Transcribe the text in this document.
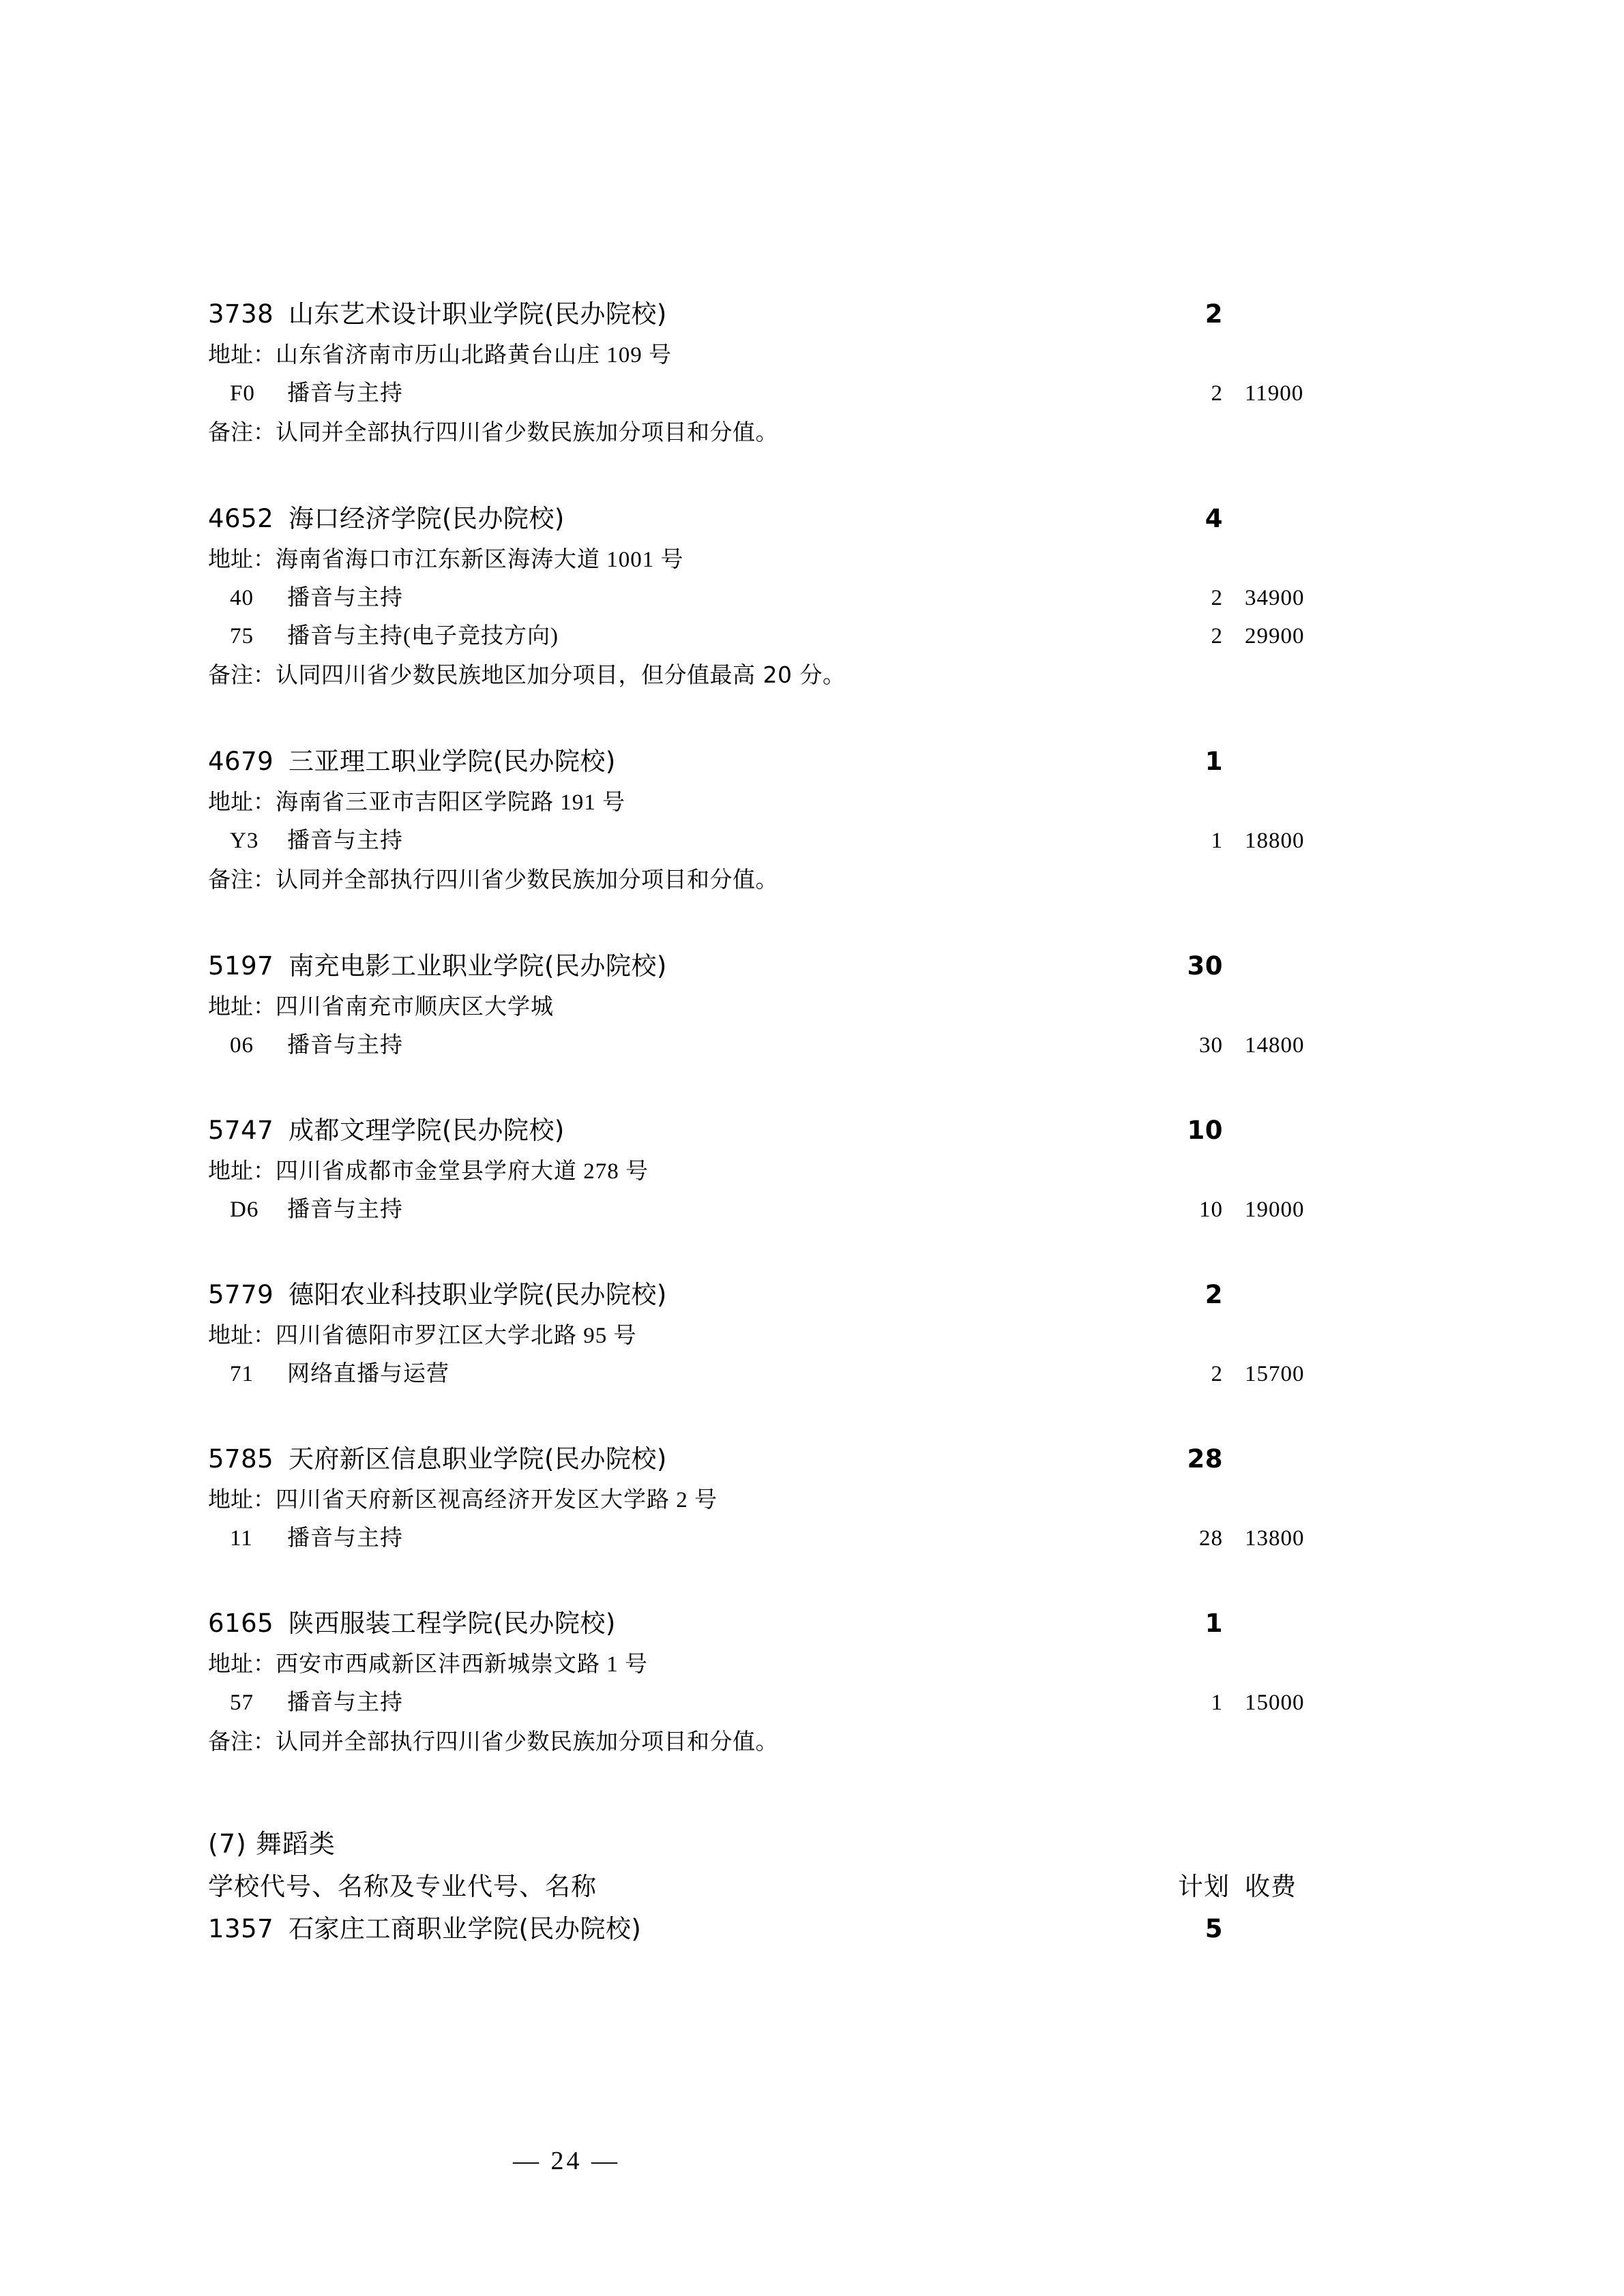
3738 山东艺术设计职业学院(民办院校)	2
地址：山东省济南市历山北路黄台山庄 109 号
F0	播音与主持	2 11900
备注：认同并全部执行四川省少数民族加分项目和分值。
4652 海口经济学院(民办院校)	4
地址：海南省海口市江东新区海涛大道 1001 号
40	播音与主持	2 34900
75	播音与主持(电子竞技方向)	2 29900
备注：认同四川省少数民族地区加分项目，但分值最高 20 分。
4679 三亚理工职业学院(民办院校)	1
地址：海南省三亚市吉阳区学院路 191 号
Y3	播音与主持	1 18800
备注：认同并全部执行四川省少数民族加分项目和分值。
5197 南充电影工业职业学院(民办院校)	30
地址：四川省南充市顺庆区大学城
06	播音与主持	30 14800
5747 成都文理学院(民办院校)	10
地址：四川省成都市金堂县学府大道 278 号
D6	播音与主持	10 19000
5779 德阳农业科技职业学院(民办院校)	2
地址：四川省德阳市罗江区大学北路 95 号
71	网络直播与运营	2 15700
5785 天府新区信息职业学院(民办院校)	28
地址：四川省天府新区视高经济开发区大学路 2 号
11	播音与主持	28 13800
6165 陕西服装工程学院(民办院校)	1
地址：西安市西咸新区沣西新城崇文路 1 号
57	播音与主持	1 15000
备注：认同并全部执行四川省少数民族加分项目和分值。
(7) 舞蹈类
学校代号、名称及专业代号、名称	计划 收费
1357 石家庄工商职业学院(民办院校)	5
— 24 —
